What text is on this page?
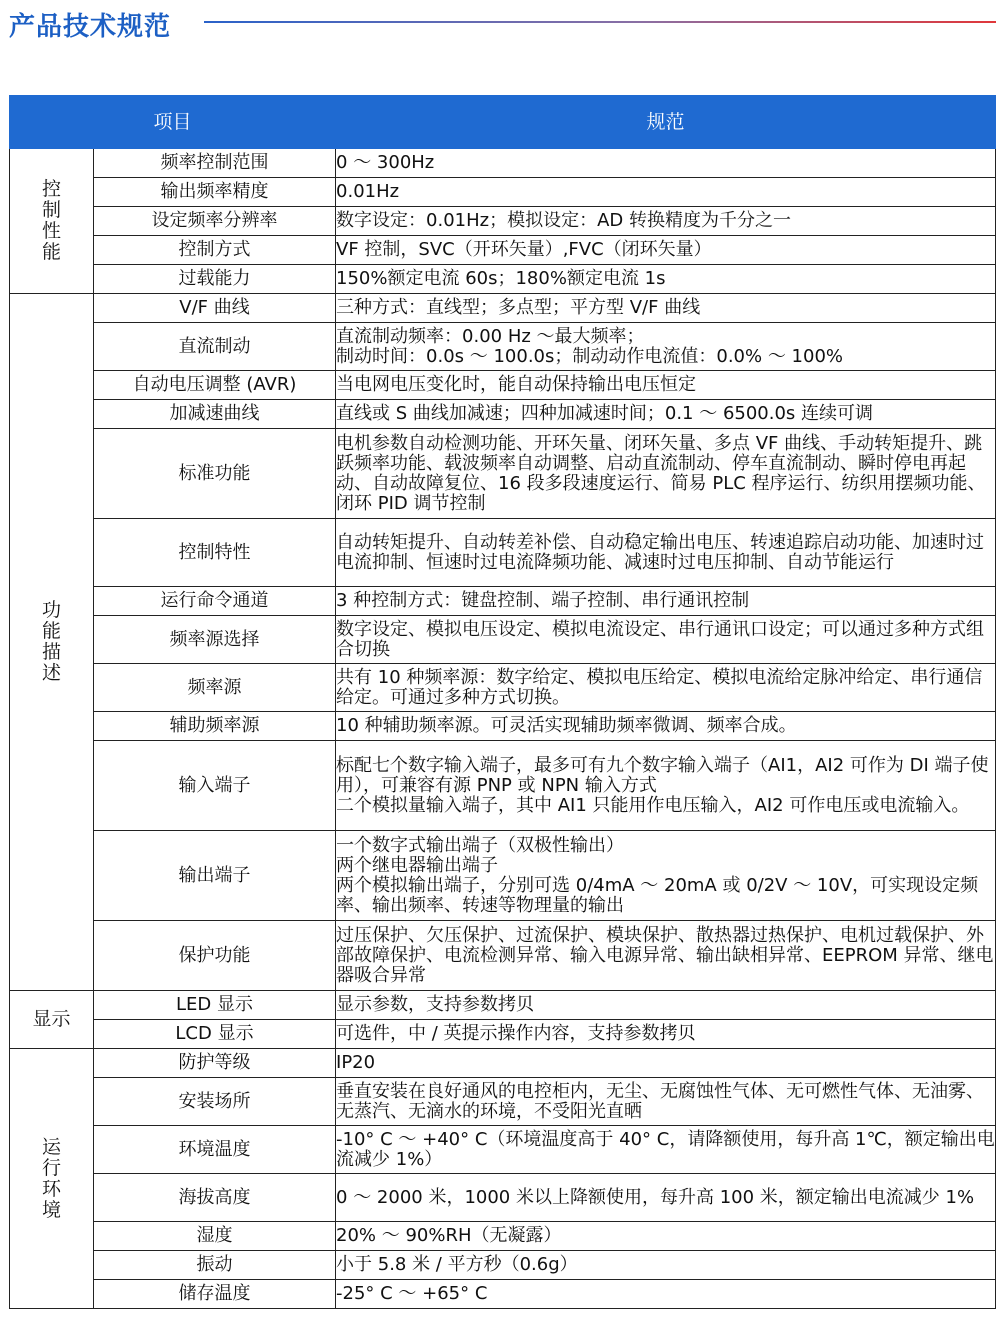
产品技术规范
项目		规范
控制性能	频率控制范围	0 ～ 300Hz
	输出频率精度	0.01Hz
	设定频率分辨率	数字设定：0.01Hz；模拟设定：AD 转换精度为千分之一
	控制方式	VF 控制，SVC（开环矢量）,FVC（闭环矢量）
	过载能力	150%额定电流 60s；180%额定电流 1s
功能描述	V/F 曲线	三种方式：直线型；多点型；平方型 V/F 曲线
	直流制动	直流制动频率：0.00 Hz ～最大频率；
制动时间：0.0s ～ 100.0s；制动动作电流值：0.0% ～ 100%
	自动电压调整 (AVR)	当电网电压变化时，能自动保持输出电压恒定
	加减速曲线	直线或 S 曲线加减速；四种加减速时间；0.1 ～ 6500.0s 连续可调
	标准功能	电机参数自动检测功能、开环矢量、闭环矢量、多点 VF 曲线、手动转矩提升、跳跃频率功能、载波频率自动调整、启动直流制动、停车直流制动、瞬时停电再起动、自动故障复位、16 段多段速度运行、简易 PLC 程序运行、纺织用摆频功能、闭环 PID 调节控制
	控制特性	自动转矩提升、自动转差补偿、自动稳定输出电压、转速追踪启动功能、加速时过电流抑制、恒速时过电流降频功能、减速时过电压抑制、自动节能运行
	运行命令通道	3 种控制方式：键盘控制、端子控制、串行通讯控制
	频率源选择	数字设定、模拟电压设定、模拟电流设定、串行通讯口设定；可以通过多种方式组合切换
	频率源	共有 10 种频率源：数字给定、模拟电压给定、模拟电流给定脉冲给定、串行通信给定。可通过多种方式切换。
	辅助频率源	10 种辅助频率源。可灵活实现辅助频率微调、频率合成。
	输入端子	标配七个数字输入端子，最多可有九个数字输入端子（AI1，AI2 可作为 DI 端子使用），可兼容有源 PNP 或 NPN 输入方式
二个模拟量输入端子，其中 AI1 只能用作电压输入，AI2 可作电压或电流输入。
	输出端子	一个数字式输出端子（双极性输出）
两个继电器输出端子
两个模拟输出端子，分别可选 0/4mA ～ 20mA 或 0/2V ～ 10V，可实现设定频率、输出频率、转速等物理量的输出
	保护功能	过压保护、欠压保护、过流保护、模块保护、散热器过热保护、电机过载保护、外部故障保护、电流检测异常、输入电源异常、输出缺相异常、EEPROM 异常、继电器吸合异常
显示	LED 显示	显示参数，支持参数拷贝
	LCD 显示	可选件，中 / 英提示操作内容，支持参数拷贝
运行环境	防护等级	IP20
	安装场所	垂直安装在良好通风的电控柜内，无尘、无腐蚀性气体、无可燃性气体、无油雾、无蒸汽、无滴水的环境，不受阳光直晒
	环境温度	-10° C ～ +40° C（环境温度高于 40° C，请降额使用，每升高 1℃，额定输出电流减少 1%）
	海拔高度	0 ～ 2000 米，1000 米以上降额使用，每升高 100 米，额定输出电流减少 1%
	湿度	20% ～ 90%RH（无凝露）
	振动	小于 5.8 米 / 平方秒（0.6g）
	储存温度	-25° C ～ +65° C
